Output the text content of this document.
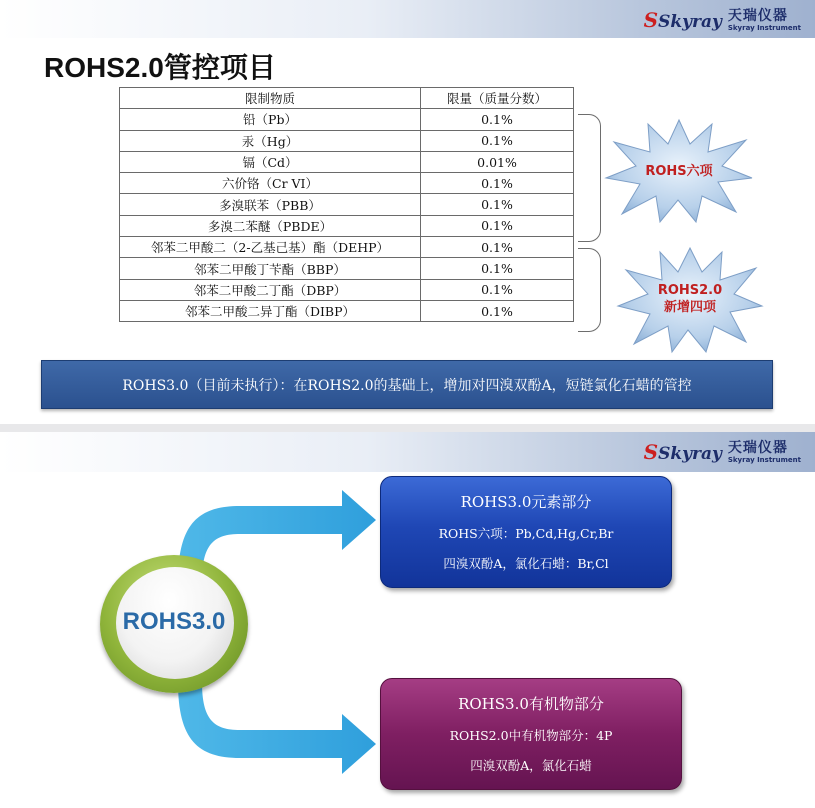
SSkyray 天瑞仪器
Skyray Instrument
ROHS2.0管控项目
限制物质	限量（质量分数）
铅（Pb）	0.1%
汞（Hg）	0.1%
镉（Cd）	0.01%
六价铬（Cr VI）	0.1%
多溴联苯（PBB）	0.1%
多溴二苯醚（PBDE）	0.1%
邻苯二甲酸二（2-乙基己基）酯（DEHP）	0.1%
邻苯二甲酸丁苄酯（BBP）	0.1%
邻苯二甲酸二丁酯（DBP）	0.1%
邻苯二甲酸二异丁酯（DIBP）	0.1%
ROHS六项
ROHS2.0
新增四项
ROHS3.0（目前未执行）：在ROHS2.0的基础上，增加对四溴双酚A，短链氯化石蜡的管控
SSkyray 天瑞仪器
Skyray Instrument
ROHS3.0
ROHS3.0元素部分
ROHS六项：Pb,Cd,Hg,Cr,Br
四溴双酚A，氯化石蜡：Br,Cl
ROHS3.0有机物部分
ROHS2.0中有机物部分：4P
四溴双酚A，氯化石蜡
